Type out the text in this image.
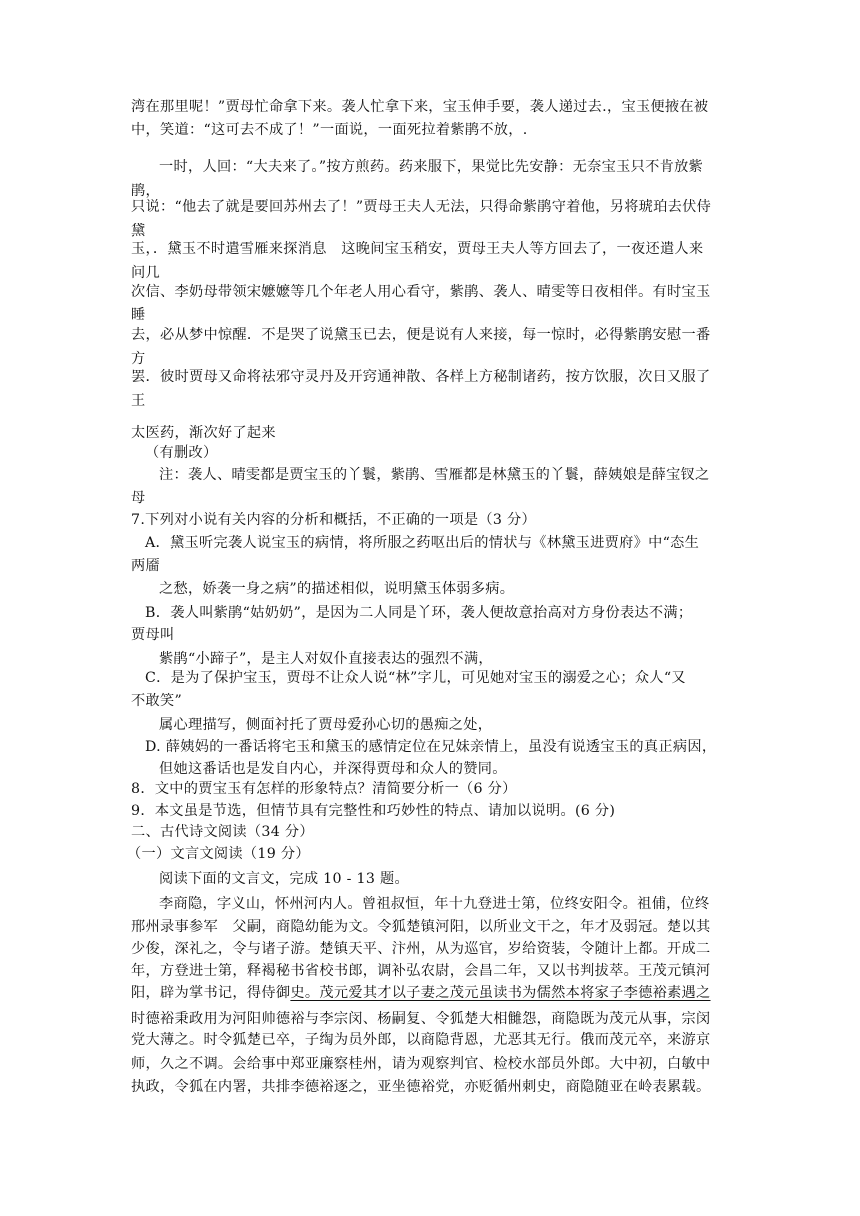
湾在那里呢！”贾母忙命拿下来。袭人忙拿下来，宝玉伸手要，袭人递过去.，宝玉便掖在被
中，笑道：“这可去不成了！”一面说，一面死拉着紫鹃不放，.
一时，人回：“大夫来了。”按方煎药。药来服下，果觉比先安静：无奈宝玉只不肯放紫
鹃，
只说：“他去了就是要回苏州去了！”贾母王夫人无法，只得命紫鹃守着他，另将琥珀去伏侍
黛
玉，．黛玉不时遣雪雁来探消息　这晚间宝玉稍安，贾母王夫人等方回去了，一夜还遣人来
问几
次信、李奶母带领宋嬷嬷等几个年老人用心看守，紫鹃、袭人、晴雯等日夜相伴。有时宝玉
睡
去，必从梦中惊醒．不是哭了说黛玉已去，便是说有人来接，每一惊时，必得紫鹃安慰一番
方
罢．彼时贾母又命将祛邪守灵丹及开窍通神散、各样上方秘制诸药，按方饮服，次日又服了
王
太医药，渐次好了起来
（有删改）
注：袭人、晴雯都是贾宝玉的丫鬟，紫鹃、雪雁都是林黛玉的丫鬟，薛姨娘是薛宝钗之
母
7.下列对小说有关内容的分析和概括，不正确的一项是（3 分）
A．黛玉听完袭人说宝玉的病情，将所服之药呕出后的情状与《林黛玉进贾府》中“态生
两靥
之愁，娇袭一身之病”的描述相似，说明黛玉体弱多病。
B．袭人叫紫鹃“姑奶奶”，是因为二人同是丫环，袭人便故意抬高对方身份表达不满；
贾母叫
紫鹃“小蹄子”，是主人对奴仆直接表达的强烈不满，
C．是为了保护宝玉，贾母不让众人说“林”字儿，可见她对宝玉的溺爱之心；众人“又
不敢笑”
属心理描写，侧面衬托了贾母爱孙心切的愚痴之处，
D. 薛姨妈的一番话将宅玉和黛玉的感情定位在兄妹亲情上，虽没有说透宝玉的真正病因，
但她这番话也是发自内心，并深得贾母和众人的赞同。
8．文中的贾宝玉有怎样的形象特点？清简要分析一（6 分）
9．本文虽是节选，但情节具有完整性和巧妙性的特点、请加以说明。(6 分)
二、古代诗文阅读（34 分）
（一）文言文阅读（19 分）
阅读下面的文言文，完成 10 - 13 题。
李商隐，字义山，怀州河内人。曾祖叔恒，年十九登进士第，位终安阳令。祖俌，位终
邢州录事参军　父嗣，商隐幼能为文。令狐楚镇河阳，以所业文干之，年才及弱冠。楚以其
少俊，深礼之，令与诸子游。楚镇天平、汴州，从为巡官，岁给资装，令随计上都。开成二
年，方登进士第，释褐秘书省校书郎，调补弘农尉，会昌二年，又以书判拔萃。王茂元镇河
阳，辟为掌书记，得侍御史。茂元爱其才以子妻之茂元虽读书为儒然本将家子李德裕素遇之
时德裕秉政用为河阳帅德裕与李宗闵、杨嗣复、令狐楚大相雠怨，商隐既为茂元从事，宗闵
党大薄之。时令狐楚已卒，子绹为员外郎，以商隐背恩，尤恶其无行。俄而茂元卒，来游京
师，久之不调。会给事中郑亚廉察桂州，请为观察判官、检校水部员外郎。大中初，白敏中
执政，令狐在内署，共排李德裕逐之，亚坐德裕党，亦贬循州刺史，商隐随亚在岭表累载。
